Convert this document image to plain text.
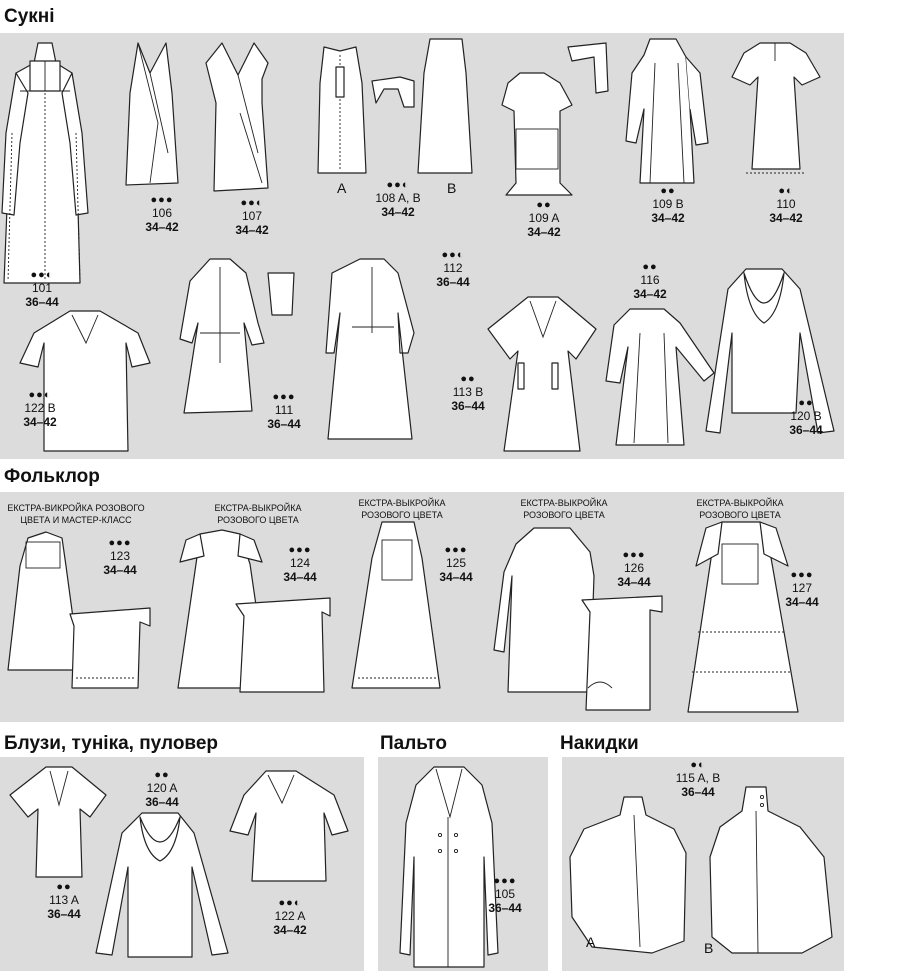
Сукні
●●◐
101
36–44
●●●
106
34–42
●●◐
107
34–42
A	●●◐
108 A, B
34–42
B
●●
109 A
34–42
●●
109 B
34–42
●◐
110
34–42
●●◐
122 B
34–42
●●●
111
36–44
●●◐
112
36–44
●●
113 B
36–44
●●
116
34–42
●●
120 B
36–44
Фольклор
ЕКСТРА-ВИКРОЙКА РОЗОВОГО
ЦВЕТА И МАСТЕР-КЛАСС
●●●
123
34–44
ЕКСТРА-ВЫКРОЙКА
РОЗОВОГО ЦВЕТА
●●●
124
34–44
ЕКСТРА-ВЫКРОЙКА
РОЗОВОГО ЦВЕТА
●●●
125
34–44
ЕКСТРА-ВЫКРОЙКА
РОЗОВОГО ЦВЕТА
●●●
126
34–44
ЕКСТРА-ВЫКРОЙКА
РОЗОВОГО ЦВЕТА
●●●
127
34–44
Блузи, туніка, пуловер
●●
120 A
36–44
●●
113 A
36–44
●●◐
122 A
34–42
Пальто
●●●
105
36–44
Накидки
●◐
115 A, B
36–44
A	B
